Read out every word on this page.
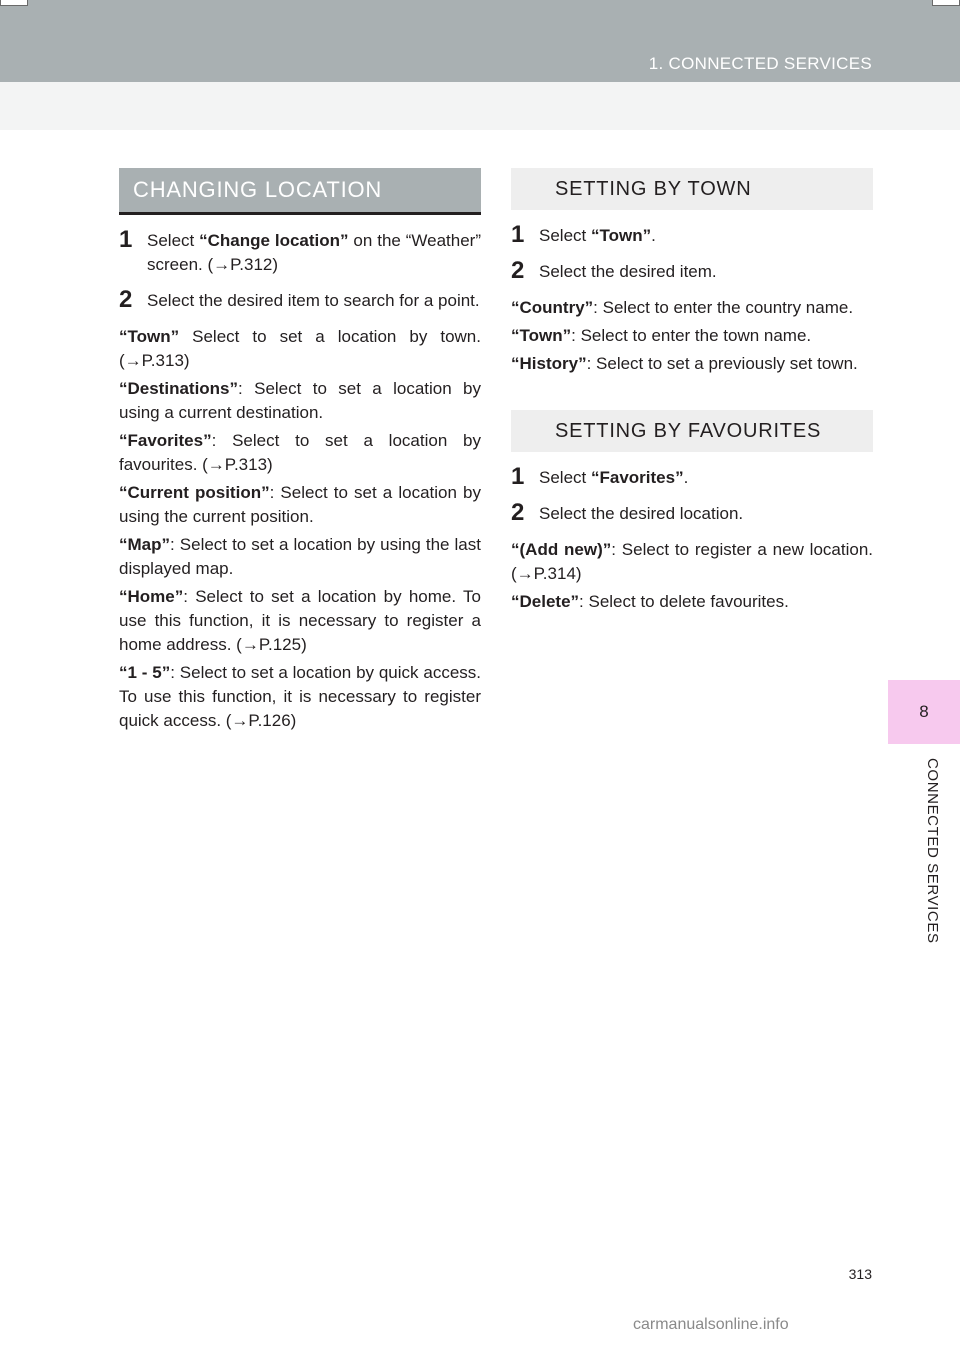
1. CONNECTED SERVICES
8
CONNECTED SERVICES
CHANGING LOCATION
1 Select “Change location” on the “Weather” screen. (→P.312)
2 Select the desired item to search for a point.
“Town” Select to set a location by town. (→P.313)
“Destinations”: Select to set a location by using a current destination.
“Favorites”: Select to set a location by favourites. (→P.313)
“Current position”: Select to set a location by using the current position.
“Map”: Select to set a location by using the last displayed map.
“Home”: Select to set a location by home. To use this function, it is necessary to register a home address. (→P.125)
“1 - 5”: Select to set a location by quick access. To use this function, it is necessary to register quick access. (→P.126)
SETTING BY TOWN
1 Select “Town”.
2 Select the desired item.
“Country”: Select to enter the country name.
“Town”: Select to enter the town name.
“History”: Select to set a previously set town.
SETTING BY FAVOURITES
1 Select “Favorites”.
2 Select the desired location.
“(Add new)”: Select to register a new location.(→P.314)
“Delete”: Select to delete favourites.
313
carmanualsonline.info
